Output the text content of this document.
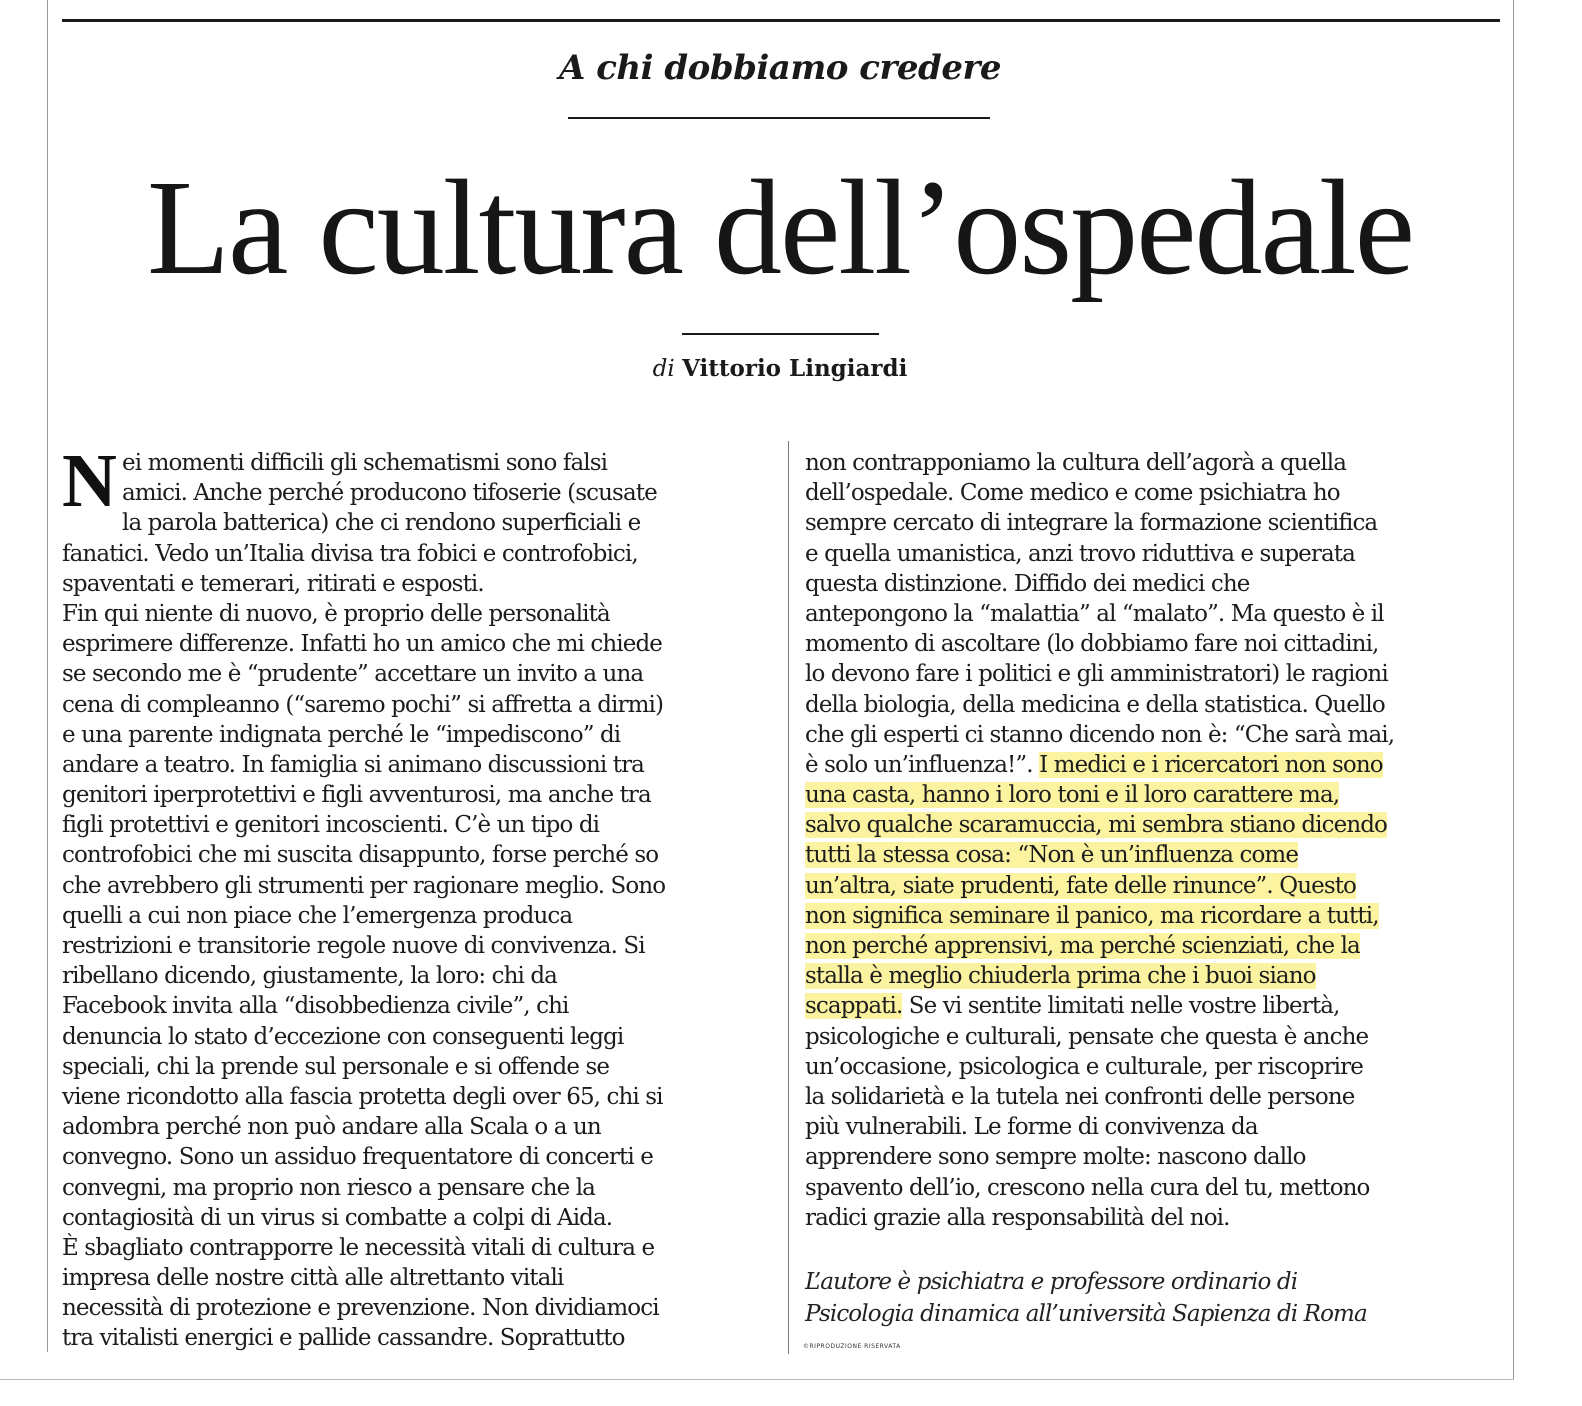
A chi dobbiamo credere
La cultura dell’ospedale
di Vittorio Lingiardi
N ei momenti difficili gli schematismi sono falsi
amici. Anche perché producono tifoserie (scusate
la parola batterica) che ci rendono superficiali e
fanatici. Vedo un’Italia divisa tra fobici e controfobici,
spaventati e temerari, ritirati e esposti.
Fin qui niente di nuovo, è proprio delle personalità
esprimere differenze. Infatti ho un amico che mi chiede
se secondo me è “prudente” accettare un invito a una
cena di compleanno (“saremo pochi” si affretta a dirmi)
e una parente indignata perché le “impediscono” di
andare a teatro. In famiglia si animano discussioni tra
genitori iperprotettivi e figli avventurosi, ma anche tra
figli protettivi e genitori incoscienti. C’è un tipo di
controfobici che mi suscita disappunto, forse perché so
che avrebbero gli strumenti per ragionare meglio. Sono
quelli a cui non piace che l’emergenza produca
restrizioni e transitorie regole nuove di convivenza. Si
ribellano dicendo, giustamente, la loro: chi da
Facebook invita alla “disobbedienza civile”, chi
denuncia lo stato d’eccezione con conseguenti leggi
speciali, chi la prende sul personale e si offende se
viene ricondotto alla fascia protetta degli over 65, chi si
adombra perché non può andare alla Scala o a un
convegno. Sono un assiduo frequentatore di concerti e
convegni, ma proprio non riesco a pensare che la
contagiosità di un virus si combatte a colpi di Aida.
È sbagliato contrapporre le necessità vitali di cultura e
impresa delle nostre città alle altrettanto vitali
necessità di protezione e prevenzione. Non dividiamoci
tra vitalisti energici e pallide cassandre. Soprattutto
non contrapponiamo la cultura dell’agorà a quella
dell’ospedale. Come medico e come psichiatra ho
sempre cercato di integrare la formazione scientifica
e quella umanistica, anzi trovo riduttiva e superata
questa distinzione. Diffido dei medici che
antepongono la “malattia” al “malato”. Ma questo è il
momento di ascoltare (lo dobbiamo fare noi cittadini,
lo devono fare i politici e gli amministratori) le ragioni
della biologia, della medicina e della statistica. Quello
che gli esperti ci stanno dicendo non è: “Che sarà mai,
è solo un’influenza!”. I medici e i ricercatori non sono
una casta, hanno i loro toni e il loro carattere ma,
salvo qualche scaramuccia, mi sembra stiano dicendo
tutti la stessa cosa: “Non è un’influenza come
un’altra, siate prudenti, fate delle rinunce”. Questo
non significa seminare il panico, ma ricordare a tutti,
non perché apprensivi, ma perché scienziati, che la
stalla è meglio chiuderla prima che i buoi siano
scappati. Se vi sentite limitati nelle vostre libertà,
psicologiche e culturali, pensate che questa è anche
un’occasione, psicologica e culturale, per riscoprire
la solidarietà e la tutela nei confronti delle persone
più vulnerabili. Le forme di convivenza da
apprendere sono sempre molte: nascono dallo
spavento dell’io, crescono nella cura del tu, mettono
radici grazie alla responsabilità del noi.
L’autore è psichiatra e professore ordinario di
Psicologia dinamica all’università Sapienza di Roma
©RIPRODUZIONE RISERVATA
